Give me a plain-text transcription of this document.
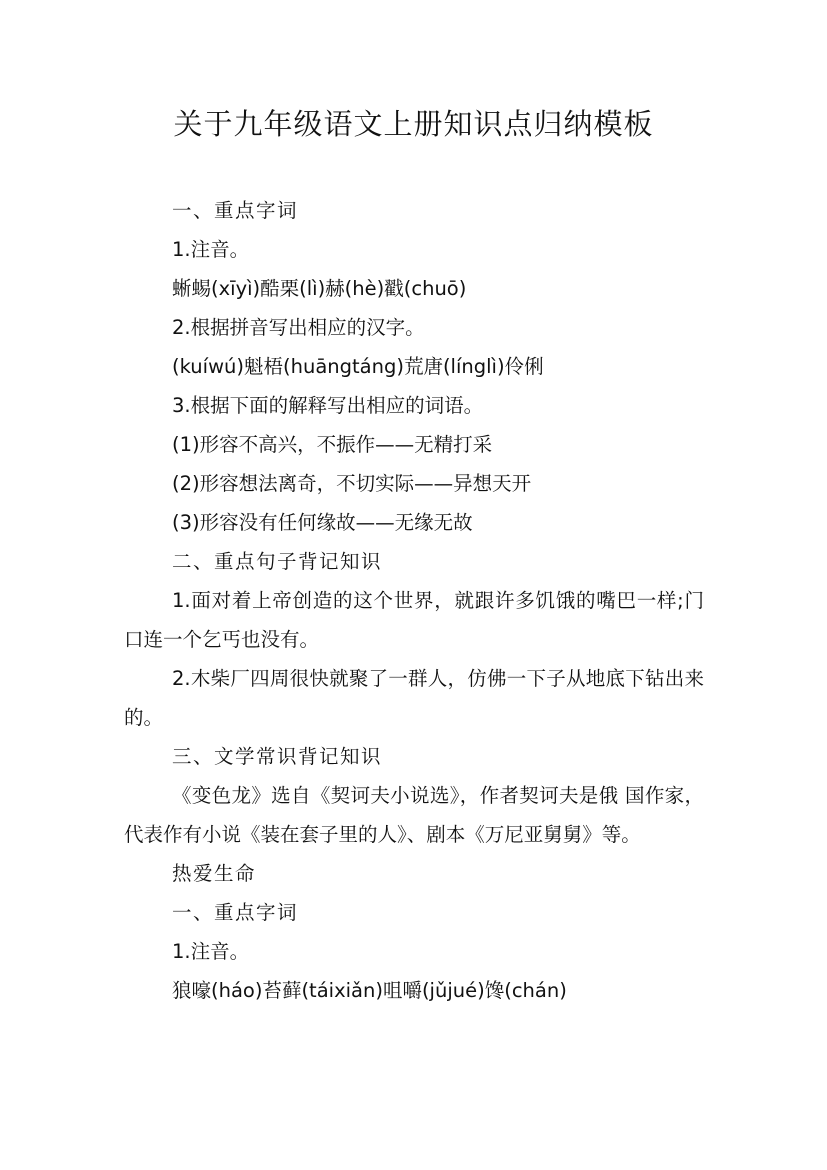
关于九年级语文上册知识点归纳模板

一、重点字词

1.注音。

蜥蜴(xīyì)酷栗(lì)赫(hè)戳(chuō)

2.根据拼音写出相应的汉字。

(kuíwú)魁梧(huāngtáng)荒唐(línglì)伶俐

3.根据下面的解释写出相应的词语。

(1)形容不高兴，不振作——无精打采

(2)形容想法离奇，不切实际——异想天开

(3)形容没有任何缘故——无缘无故

二、重点句子背记知识

1.面对着上帝创造的这个世界，就跟许多饥饿的嘴巴一样;门口连一个乞丐也没有。

2.木柴厂四周很快就聚了一群人，仿佛一下子从地底下钻出来的。

三、文学常识背记知识

《变色龙》选自《契诃夫小说选》，作者契诃夫是俄 国作家，代表作有小说《装在套子里的人》、剧本《万尼亚舅舅》等。

热爱生命

一、重点字词

1.注音。

狼嚎(háo)苔藓(táixiǎn)咀嚼(jǔjué)馋(chán)
